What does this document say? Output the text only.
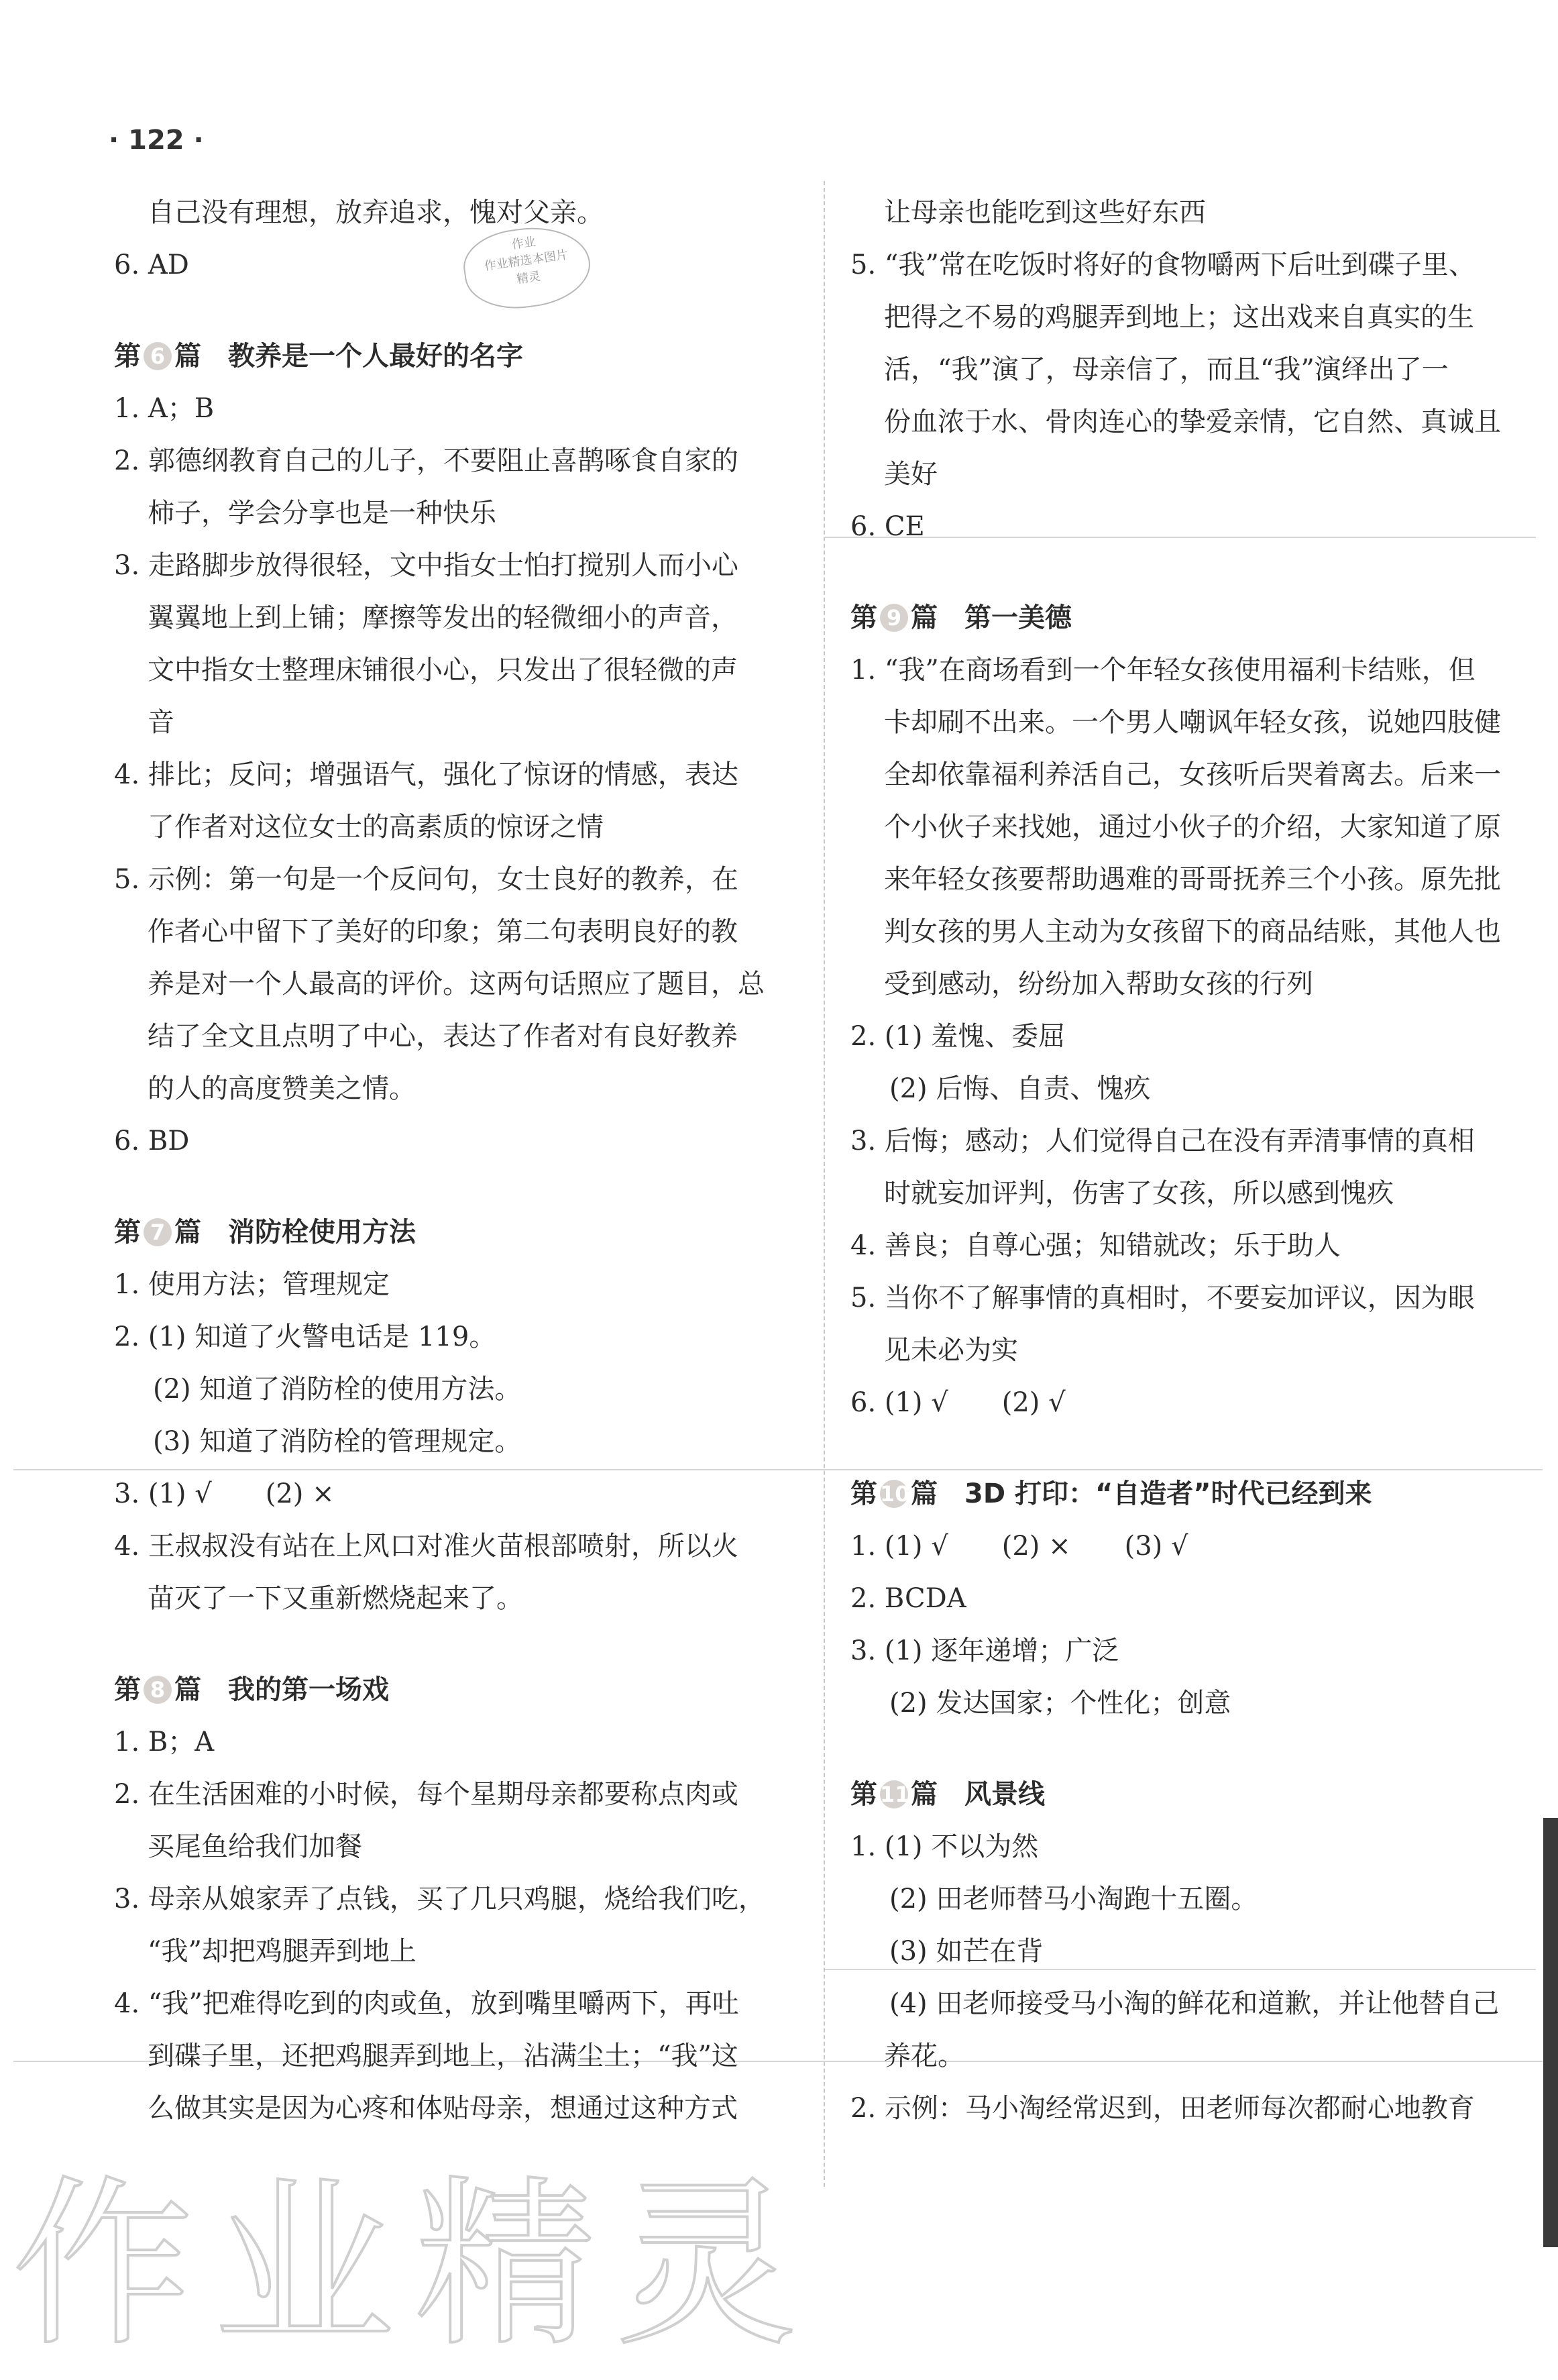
· 122 ·
作业
作业精选本图片
精灵
自己没有理想，放弃追求，愧对父亲。
6. AD
第 6 篇　教养是一个人最好的名字
1. A；B
2. 郭德纲教育自己的儿子，不要阻止喜鹊啄食自家的
柿子，学会分享也是一种快乐
3. 走路脚步放得很轻，文中指女士怕打搅别人而小心
翼翼地上到上铺；摩擦等发出的轻微细小的声音，
文中指女士整理床铺很小心，只发出了很轻微的声
音
4. 排比；反问；增强语气，强化了惊讶的情感，表达
了作者对这位女士的高素质的惊讶之情
5. 示例：第一句是一个反问句，女士良好的教养，在
作者心中留下了美好的印象；第二句表明良好的教
养是对一个人最高的评价。这两句话照应了题目，总
结了全文且点明了中心，表达了作者对有良好教养
的人的高度赞美之情。
6. BD
第 7 篇　消防栓使用方法
1. 使用方法；管理规定
2. (1) 知道了火警电话是 119。
(2) 知道了消防栓的使用方法。
(3) 知道了消防栓的管理规定。
3. (1) √　　(2) ×
4. 王叔叔没有站在上风口对准火苗根部喷射，所以火
苗灭了一下又重新燃烧起来了。
第 8 篇　我的第一场戏
1. B；A
2. 在生活困难的小时候，每个星期母亲都要称点肉或
买尾鱼给我们加餐
3. 母亲从娘家弄了点钱，买了几只鸡腿，烧给我们吃，
“我”却把鸡腿弄到地上
4. “我”把难得吃到的肉或鱼，放到嘴里嚼两下，再吐
到碟子里，还把鸡腿弄到地上，沾满尘土；“我”这
么做其实是因为心疼和体贴母亲，想通过这种方式
让母亲也能吃到这些好东西
5. “我”常在吃饭时将好的食物嚼两下后吐到碟子里、
把得之不易的鸡腿弄到地上；这出戏来自真实的生
活，“我”演了，母亲信了，而且“我”演绎出了一
份血浓于水、骨肉连心的挚爱亲情，它自然、真诚且
美好
6. CE
第 9 篇　第一美德
1. “我”在商场看到一个年轻女孩使用福利卡结账，但
卡却刷不出来。一个男人嘲讽年轻女孩，说她四肢健
全却依靠福利养活自己，女孩听后哭着离去。后来一
个小伙子来找她，通过小伙子的介绍，大家知道了原
来年轻女孩要帮助遇难的哥哥抚养三个小孩。原先批
判女孩的男人主动为女孩留下的商品结账，其他人也
受到感动，纷纷加入帮助女孩的行列
2. (1) 羞愧、委屈
(2) 后悔、自责、愧疚
3. 后悔；感动；人们觉得自己在没有弄清事情的真相
时就妄加评判，伤害了女孩，所以感到愧疚
4. 善良；自尊心强；知错就改；乐于助人
5. 当你不了解事情的真相时，不要妄加评议，因为眼
见未必为实
6. (1) √　　(2) √
第 10篇　3D 打印：“自造者”时代已经到来
1. (1) √　　(2) ×　　(3) √
2. BCDA
3. (1) 逐年递增；广泛
(2) 发达国家；个性化；创意
第 11篇　风景线
1. (1) 不以为然
(2) 田老师替马小淘跑十五圈。
(3) 如芒在背
(4) 田老师接受马小淘的鲜花和道歉，并让他替自己
养花。
2. 示例：马小淘经常迟到，田老师每次都耐心地教育
作业精灵
